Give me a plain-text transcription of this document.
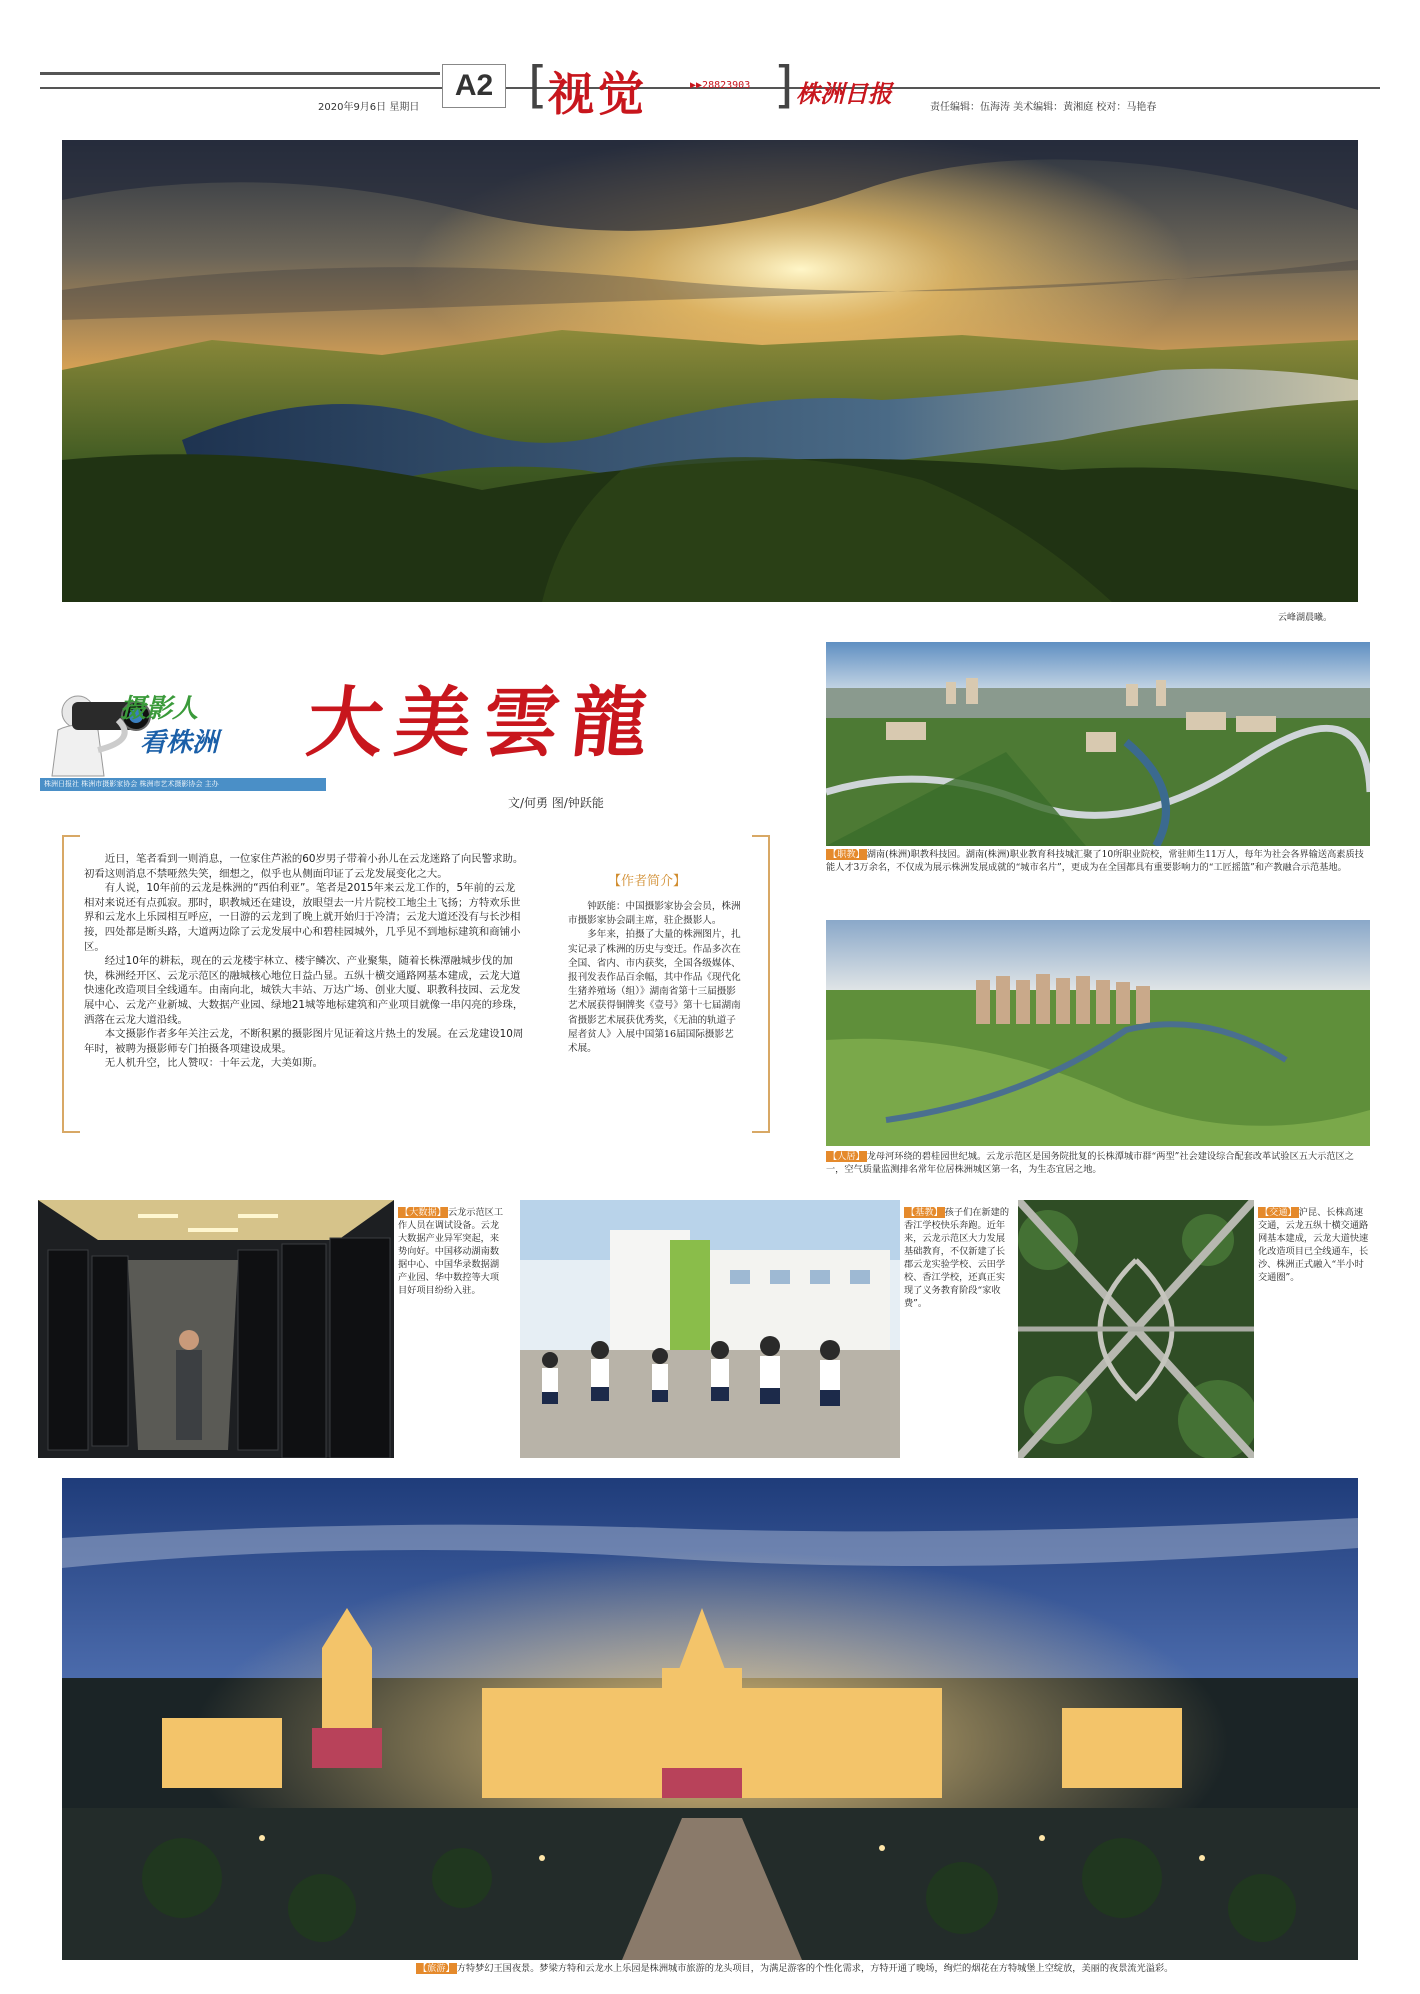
A2
2020年9月6日 星期日 [ 视觉	▶▶28823903 ] 株洲日报	责任编辑：伍海涛 美术编辑：黄湘庭 校对：马艳春
云峰湖晨曦。
摄影人
看株洲
株洲日报社 株洲市摄影家协会 株洲市艺术摄影协会 主办
大美雲龍
文/何勇 图/钟跃能

近日，笔者看到一则消息，一位家住芦淞的60岁男子带着小孙儿在云龙迷路了向民警求助。初看这则消息不禁哑然失笑，细想之，似乎也从侧面印证了云龙发展变化之大。

有人说，10年前的云龙是株洲的“西伯利亚”。笔者是2015年来云龙工作的，5年前的云龙相对来说还有点孤寂。那时，职教城还在建设，放眼望去一片片院校工地尘土飞扬；方特欢乐世界和云龙水上乐园相互呼应，一日游的云龙到了晚上就开始归于冷清；云龙大道还没有与长沙相接，四处都是断头路，大道两边除了云龙发展中心和碧桂园城外，几乎见不到地标建筑和商铺小区。

经过10年的耕耘，现在的云龙楼宇林立、楼宇鳞次、产业聚集，随着长株潭融城步伐的加快，株洲经开区、云龙示范区的融城核心地位日益凸显。五纵十横交通路网基本建成，云龙大道快速化改造项目全线通车。由南向北，城铁大丰站、万达广场、创业大厦、职教科技园、云龙发展中心、云龙产业新城、大数据产业园、绿地21城等地标建筑和产业项目就像一串闪亮的珍珠，洒落在云龙大道沿线。

本文摄影作者多年关注云龙，不断积累的摄影图片见证着这片热土的发展。在云龙建设10周年时，被聘为摄影师专门拍摄各项建设成果。

无人机升空，比人赞叹：十年云龙，大美如斯。

【作者简介】

钟跃能：中国摄影家协会会员，株洲市摄影家协会副主席，驻企摄影人。

多年来，拍摄了大量的株洲图片，扎实记录了株洲的历史与变迁。作品多次在全国、省内、市内获奖，全国各级媒体、报刊发表作品百余幅，其中作品《现代化生猪养殖场（组）》湖南省第十三届摄影艺术展获得铜牌奖《壹号》第十七届湖南省摄影艺术展获优秀奖，《无油的轨道子屋者贫人》入展中国第16届国际摄影艺术展。

【职教】 湖南(株洲)职教科技园。湖南(株洲)职业教育科技城汇聚了10所职业院校，常驻师生11万人，每年为社会各界输送高素质技能人才3万余名，不仅成为展示株洲发展成就的“城市名片”，更成为在全国都具有重要影响力的“工匠摇篮”和产教融合示范基地。
【人居】 龙母河环绕的碧桂园世纪城。云龙示范区是国务院批复的长株潭城市群“两型”社会建设综合配套改革试验区五大示范区之一，空气质量监测排名常年位居株洲城区第一名，为生态宜居之地。
【大数据】 云龙示范区工作人员在调试设备。云龙大数据产业异军突起，来势向好。中国移动湖南数据中心、中国华录数据湖产业园、华中数控等大项目好项目纷纷入驻。
【基教】 孩子们在新建的香江学校快乐奔跑。近年来，云龙示范区大力发展基础教育，不仅新建了长郡云龙实验学校、云田学校、香江学校，还真正实现了义务教育阶段“家收费”。
【交通】 沪昆、长株高速交通，云龙五纵十横交通路网基本建成，云龙大道快速化改造项目已全线通车，长沙、株洲正式融入“半小时交通圈”。
【旅游】 方特梦幻王国夜景。梦梁方特和云龙水上乐园是株洲城市旅游的龙头项目，为满足游客的个性化需求，方特开通了晚场，绚烂的烟花在方特城堡上空绽放，美丽的夜景流光溢彩。
